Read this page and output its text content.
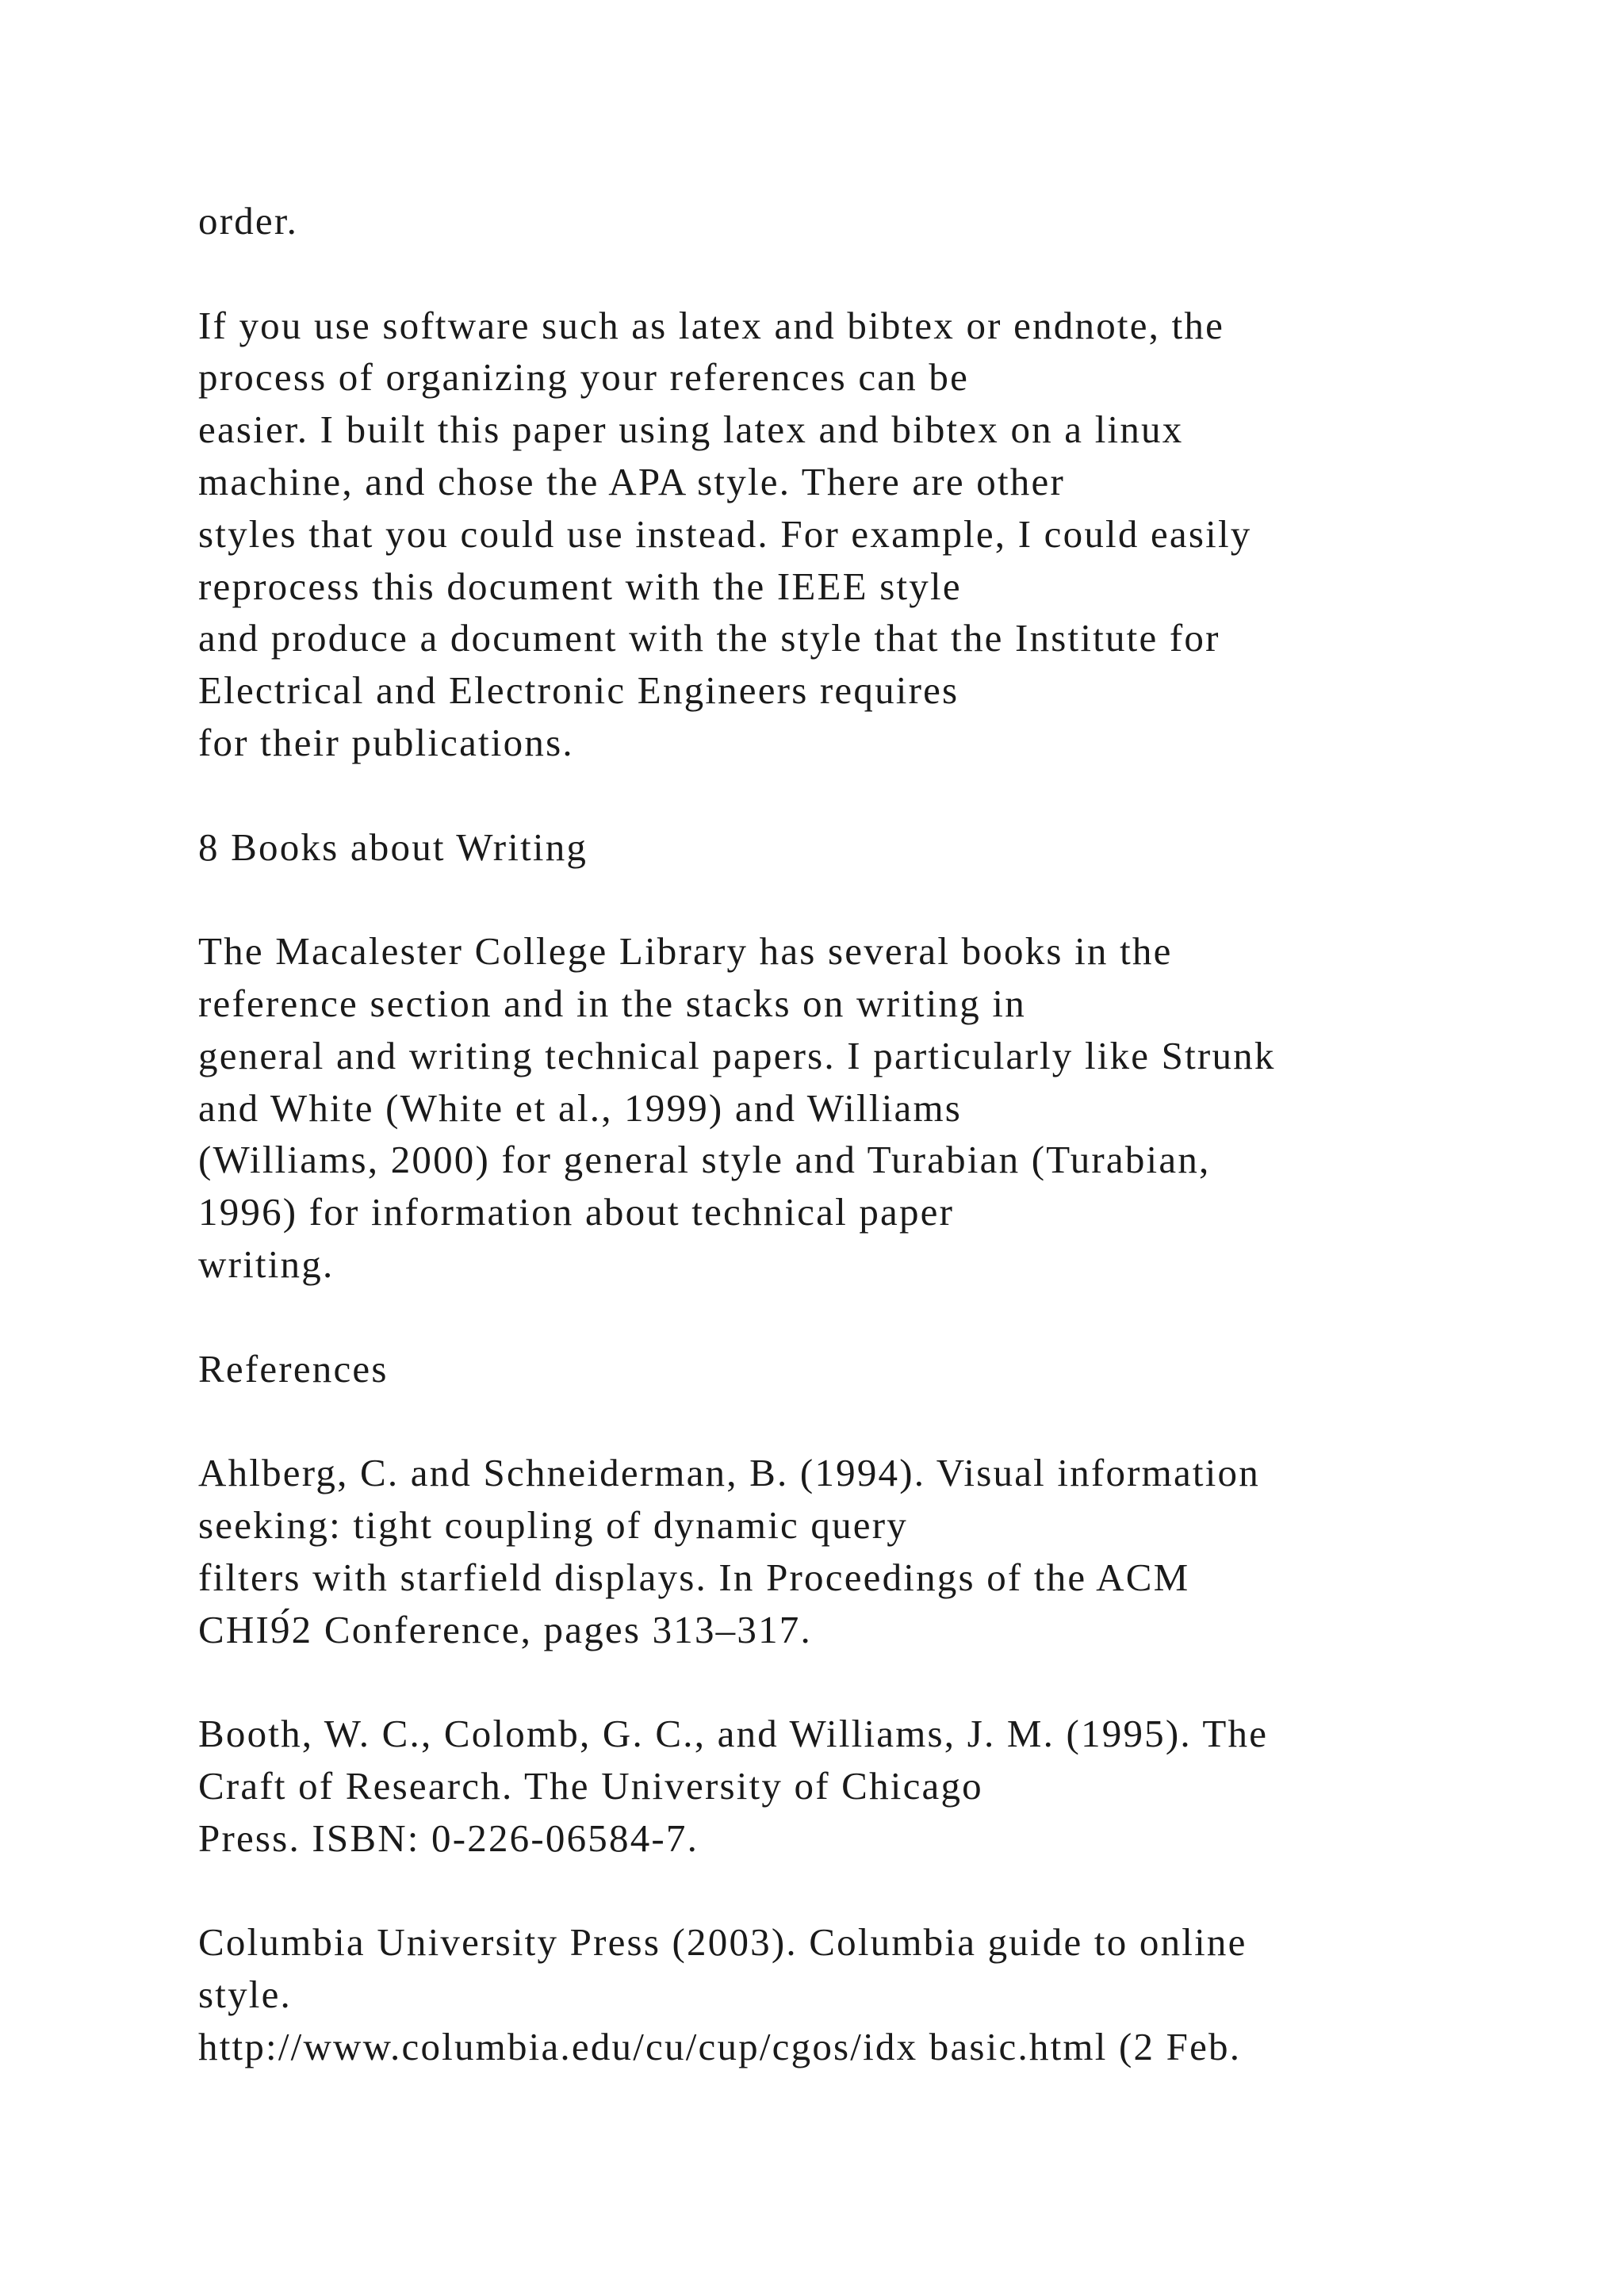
order.
If you use software such as latex and bibtex or endnote, the
process of organizing your references can be
easier. I built this paper using latex and bibtex on a linux
machine, and chose the APA style. There are other
styles that you could use instead. For example, I could easily
reprocess this document with the IEEE style
and produce a document with the style that the Institute for
Electrical and Electronic Engineers requires
for their publications.
8 Books about Writing
The Macalester College Library has several books in the
reference section and in the stacks on writing in
general and writing technical papers. I particularly like Strunk
and White (White et al., 1999) and Williams
(Williams, 2000) for general style and Turabian (Turabian,
1996) for information about technical paper
writing.
References
Ahlberg, C. and Schneiderman, B. (1994). Visual information
seeking: tight coupling of dynamic query
filters with starfield displays. In Proceedings of the ACM
CHI9́2 Conference, pages 313–317.
Booth, W. C., Colomb, G. C., and Williams, J. M. (1995). The
Craft of Research. The University of Chicago
Press. ISBN: 0-226-06584-7.
Columbia University Press (2003). Columbia guide to online
style.
http://www.columbia.edu/cu/cup/cgos/idx basic.html (2 Feb.
